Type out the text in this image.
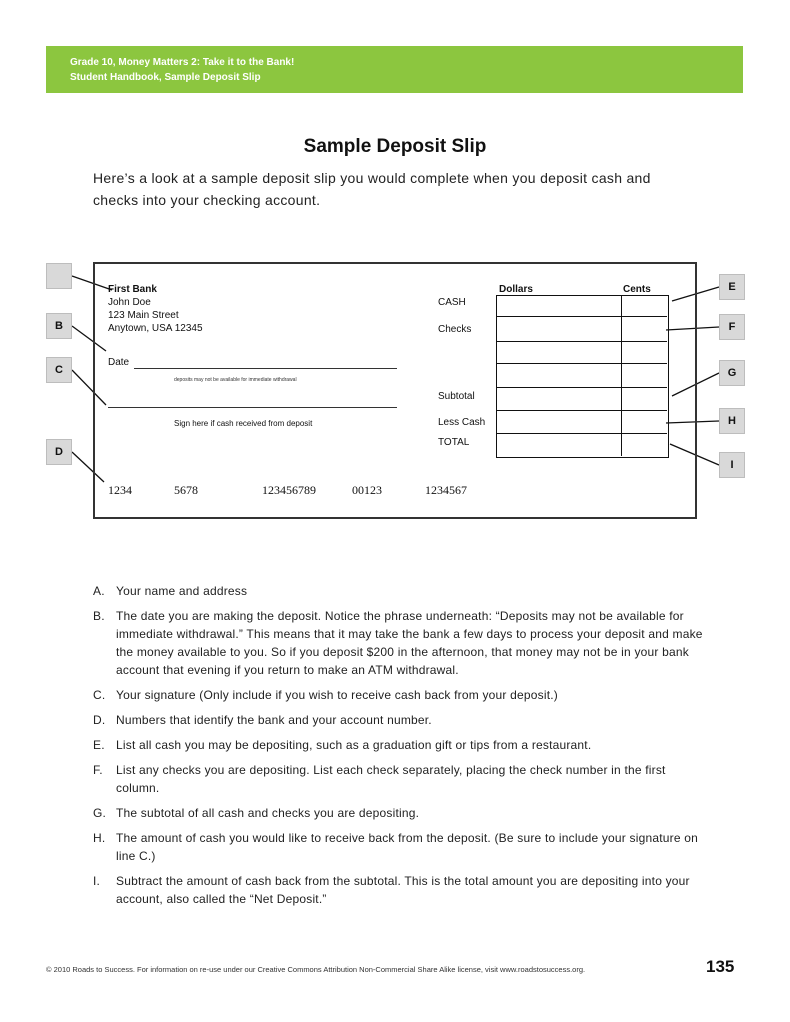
Grade 10, Money Matters 2: Take it to the Bank!
Student Handbook, Sample Deposit Slip
Sample Deposit Slip
Here’s a look at a sample deposit slip you would complete when you deposit cash and checks into your checking account.
B
C
D
E
F
G
H
I
First Bank
John Doe
123 Main Street
Anytown, USA 12345
Date
deposits may not be available for immediate withdrawal
Sign here if cash received from deposit
Dollars	Cents
CASH
Checks
Subtotal
Less Cash
TOTAL
1234	5678	123456789	00123	1234567
A. Your name and address
B. The date you are making the deposit. Notice the phrase underneath: “Deposits may not be available for immediate withdrawal.” This means that it may take the bank a few days to process your deposit and make the money available to you. So if you deposit $200 in the afternoon, that money may not be in your bank account that evening if you return to make an ATM withdrawal.
C. Your signature (Only include if you wish to receive cash back from your deposit.)
D. Numbers that identify the bank and your account number.
E. List all cash you may be depositing, such as a graduation gift or tips from a restaurant.
F.	List any checks you are depositing. List each check separately, placing the check number in the first column.
G. The subtotal of all cash and checks you are depositing.
H. The amount of cash you would like to receive back from the deposit. (Be sure to include your signature on line C.)
I.	Subtract the amount of cash back from the subtotal. This is the total amount you are depositing into your account, also called the “Net Deposit.”
© 2010 Roads to Success. For information on re-use under our Creative Commons Attribution Non-Commercial Share Alike license, visit www.roadstosuccess.org.	135
